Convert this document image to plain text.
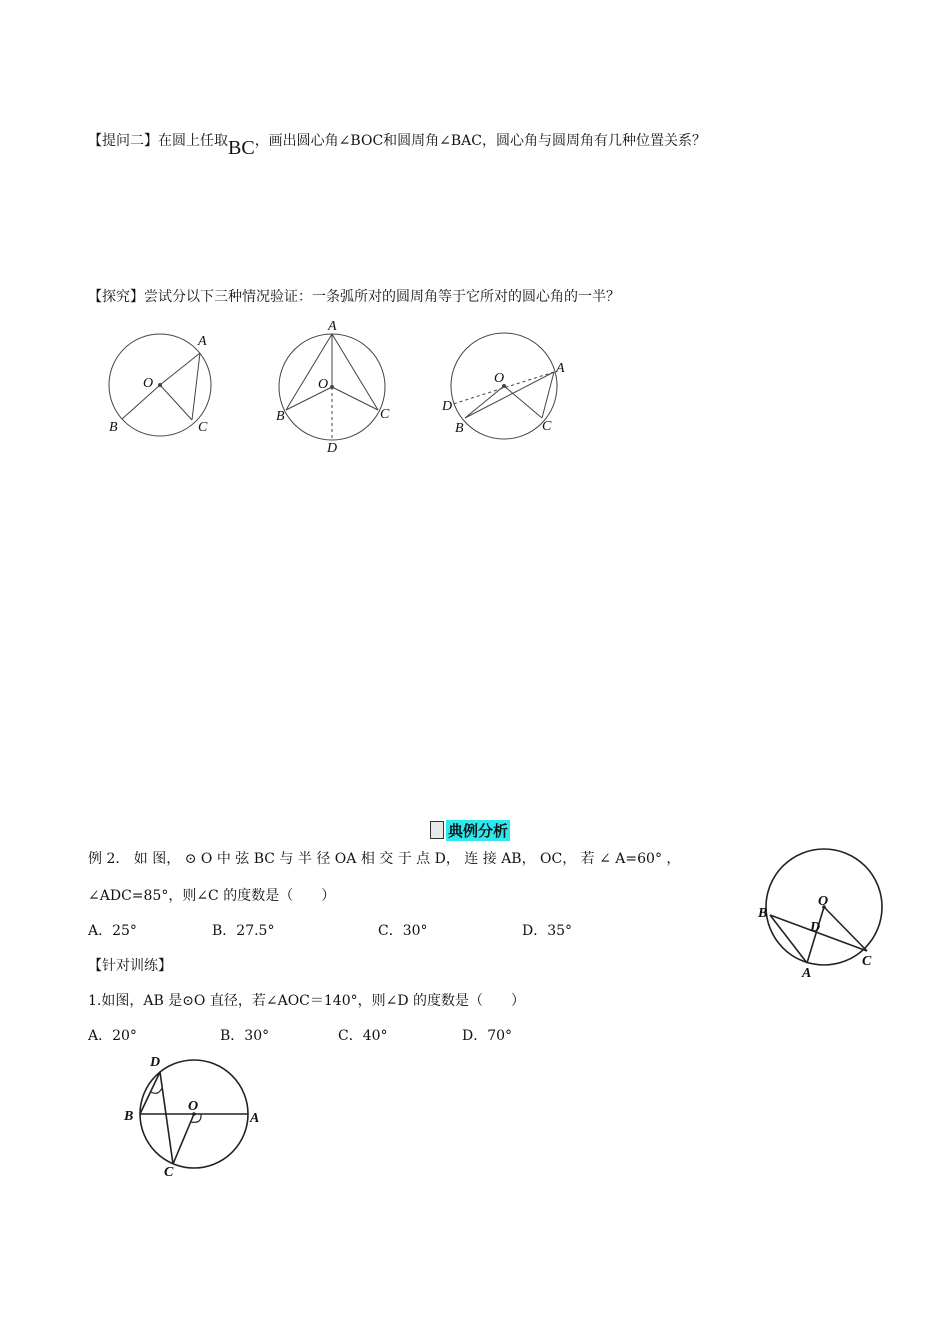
【提问二】在圆上任取BC，画出圆心角∠BOC和圆周角∠BAC，圆心角与圆周角有几种位置关系？
【探究】尝试分以下三种情况验证：一条弧所对的圆周角等于它所对的圆心角的一半？
A
O
B	C
A
O
B	C
D
A
O
D
B	C
典例分析
例 2． 如 图， ⊙ O 中 弦 BC 与 半 径 OA 相 交 于 点 D， 连 接 AB， OC， 若 ∠ A=60° ，
∠ADC=85°，则∠C 的度数是（　　）
A．25°	B．27.5°	C．30°	D．35°
O
D
B
A
C
【针对训练】
1.如图，AB 是⊙O 直径，若∠AOC＝140°，则∠D 的度数是（　　）
A．20°	B．30°	C．40°	D．70°
D
B
O
A
C
